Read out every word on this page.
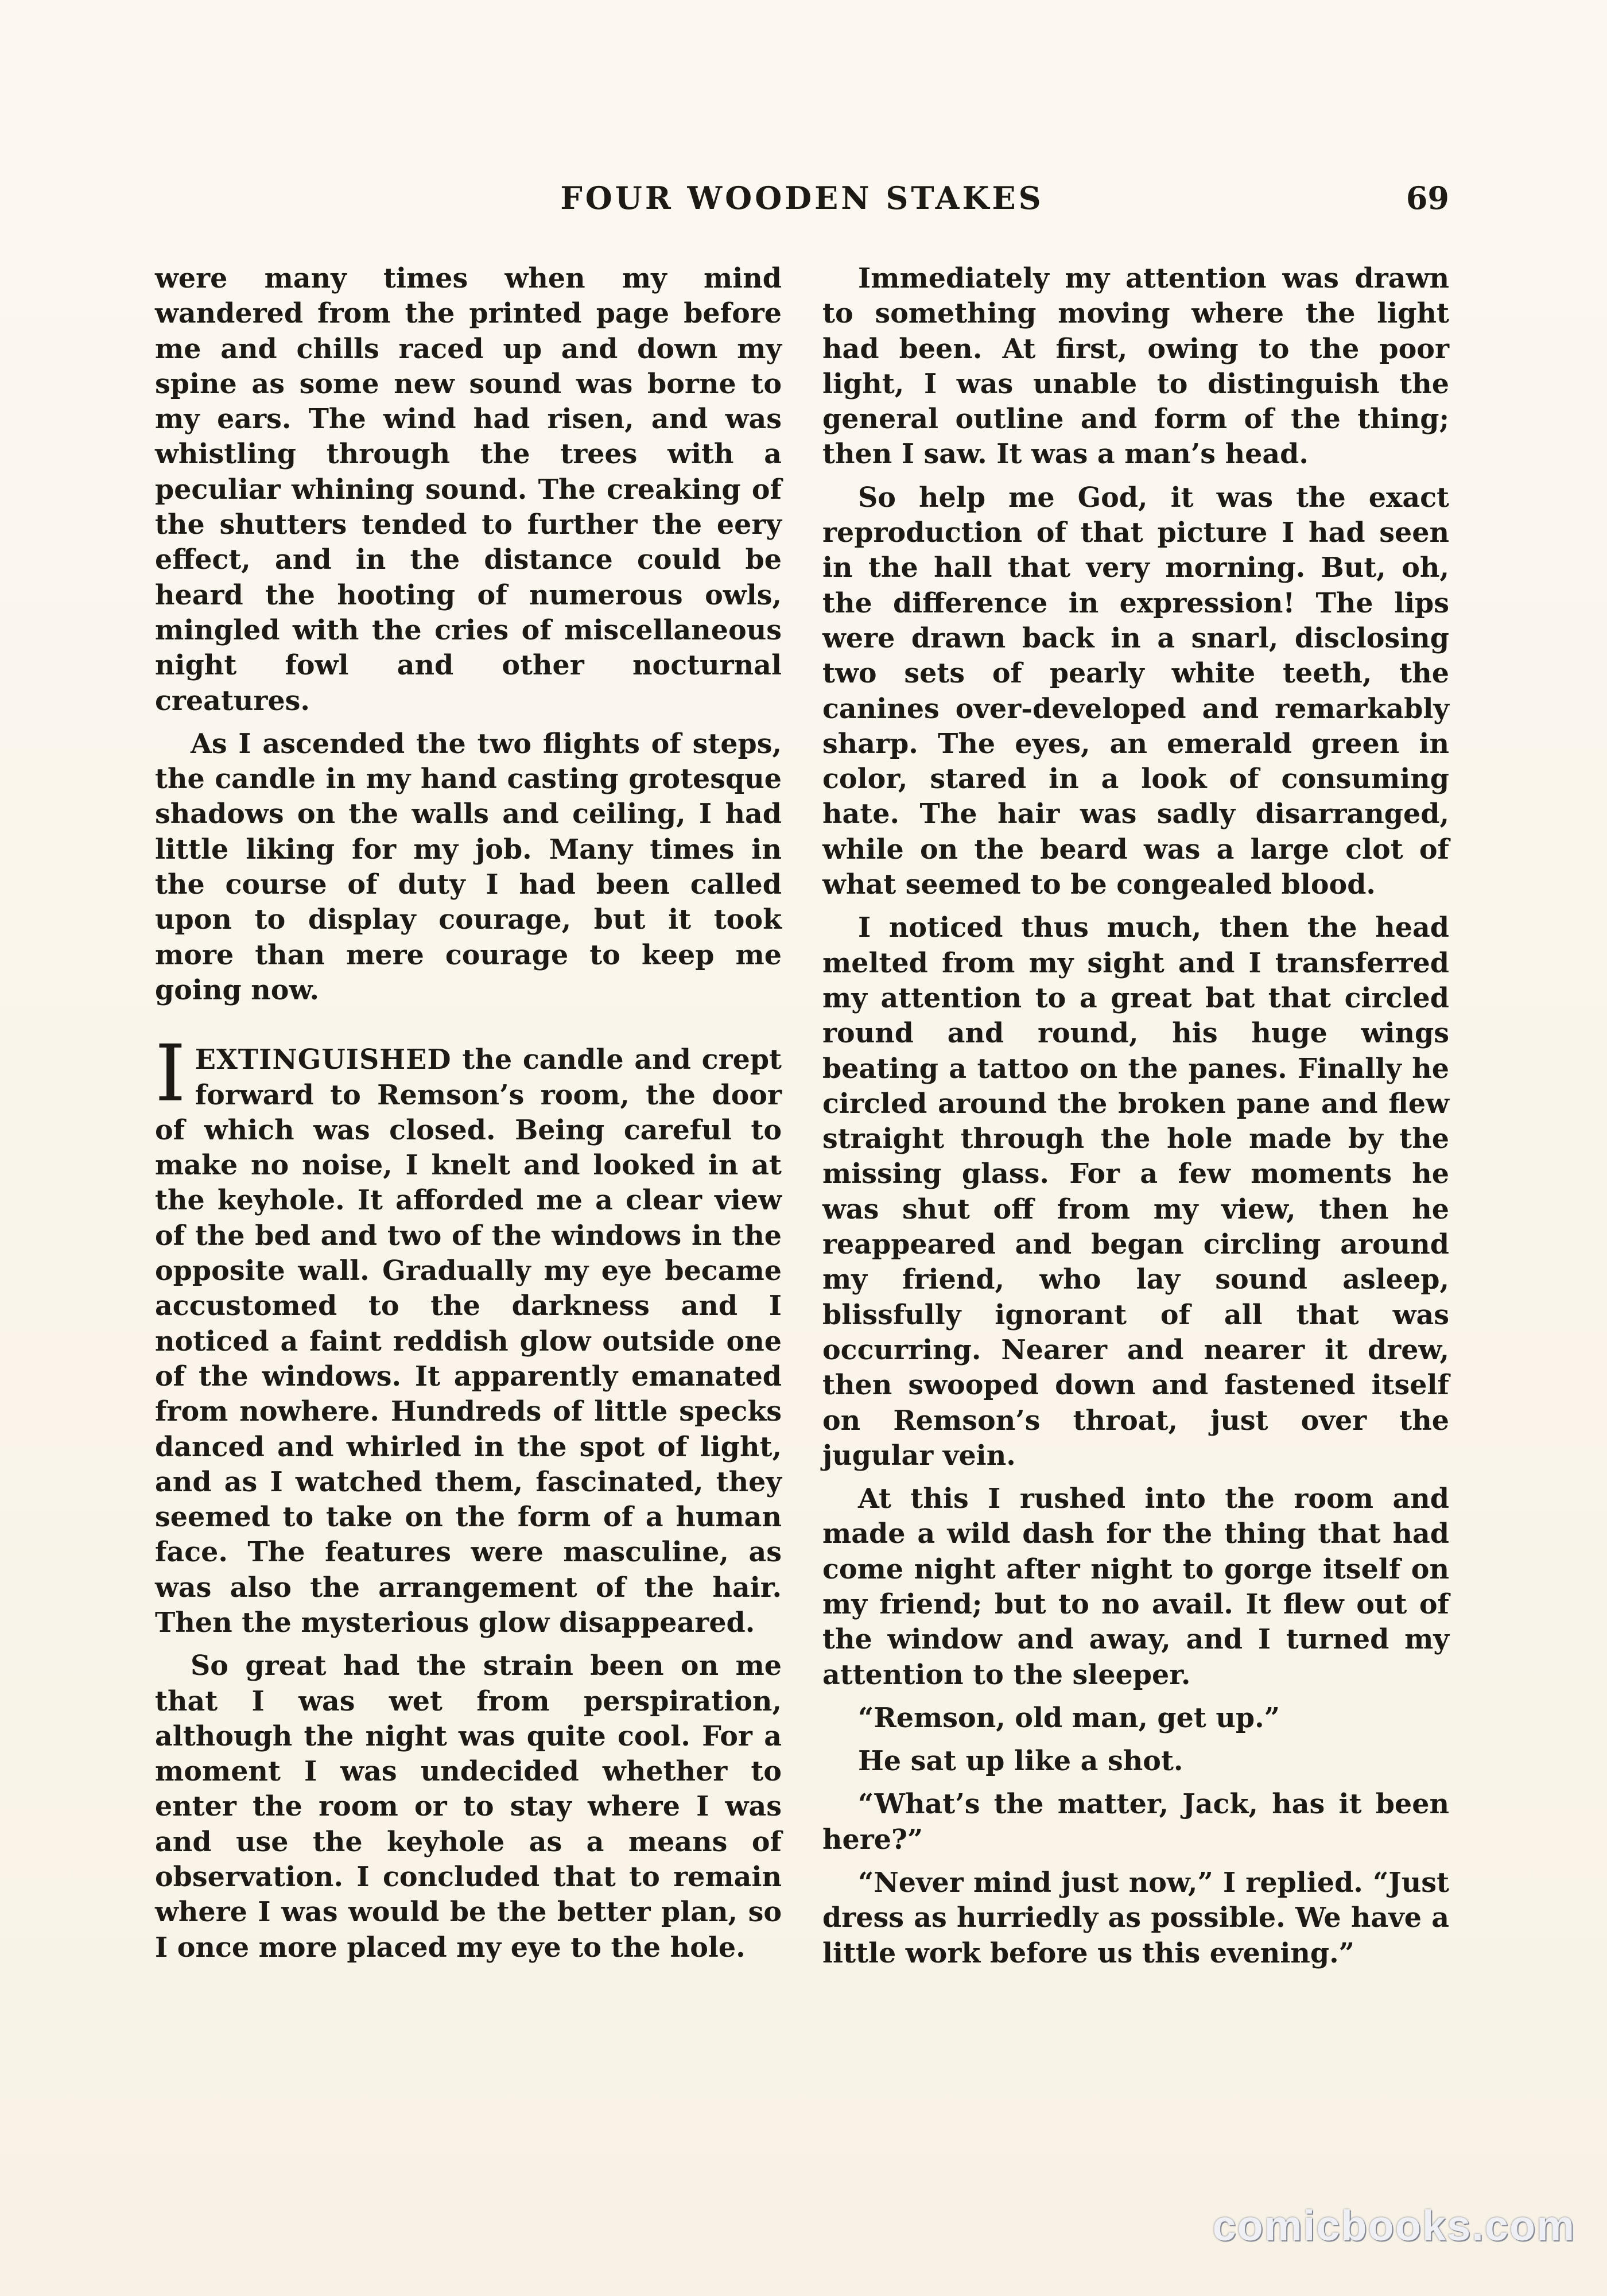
FOUR WOODEN STAKES	69

were many times when my mind wandered from the printed page before me and chills raced up and down my spine as some new sound was borne to my ears. The wind had risen, and was whistling through the trees with a peculiar whining sound. The creaking of the shutters tended to further the eery effect, and in the distance could be heard the hooting of numerous owls, mingled with the cries of miscellaneous night fowl and other nocturnal creatures.

As I ascended the two flights of steps, the candle in my hand casting grotesque shadows on the walls and ceiling, I had little liking for my job. Many times in the course of duty I had been called upon to display courage, but it took more than mere courage to keep me going now.

IEXTINGUISHED the candle and crept forward to Remson’s room, the door of which was closed. Being careful to make no noise, I knelt and looked in at the keyhole. It afforded me a clear view of the bed and two of the windows in the opposite wall. Gradually my eye became accustomed to the darkness and I noticed a faint reddish glow outside one of the windows. It apparently emanated from nowhere. Hundreds of little specks danced and whirled in the spot of light, and as I watched them, fascinated, they seemed to take on the form of a human face. The features were masculine, as was also the arrangement of the hair. Then the mysterious glow disappeared.

So great had the strain been on me that I was wet from perspiration, although the night was quite cool. For a moment I was undecided whether to enter the room or to stay where I was and use the keyhole as a means of observation. I concluded that to remain where I was would be the better plan, so I once more placed my eye to the hole.

Immediately my attention was drawn to something moving where the light had been. At first, owing to the poor light, I was unable to distinguish the general outline and form of the thing; then I saw. It was a man’s head.

So help me God, it was the exact reproduction of that picture I had seen in the hall that very morning. But, oh, the difference in expression! The lips were drawn back in a snarl, disclosing two sets of pearly white teeth, the canines over-developed and remarkably sharp. The eyes, an emerald green in color, stared in a look of consuming hate. The hair was sadly disarranged, while on the beard was a large clot of what seemed to be congealed blood.

I noticed thus much, then the head melted from my sight and I transferred my attention to a great bat that circled round and round, his huge wings beating a tattoo on the panes. Finally he circled around the broken pane and flew straight through the hole made by the missing glass. For a few moments he was shut off from my view, then he reappeared and began circling around my friend, who lay sound asleep, blissfully ignorant of all that was occurring. Nearer and nearer it drew, then swooped down and fastened itself on Remson’s throat, just over the jugular vein.

At this I rushed into the room and made a wild dash for the thing that had come night after night to gorge itself on my friend; but to no avail. It flew out of the window and away, and I turned my attention to the sleeper.

“Remson, old man, get up.”

He sat up like a shot.

“What’s the matter, Jack, has it been here?”

“Never mind just now,” I replied. “Just dress as hurriedly as possible. We have a little work before us this evening.”

comicbooks.com
